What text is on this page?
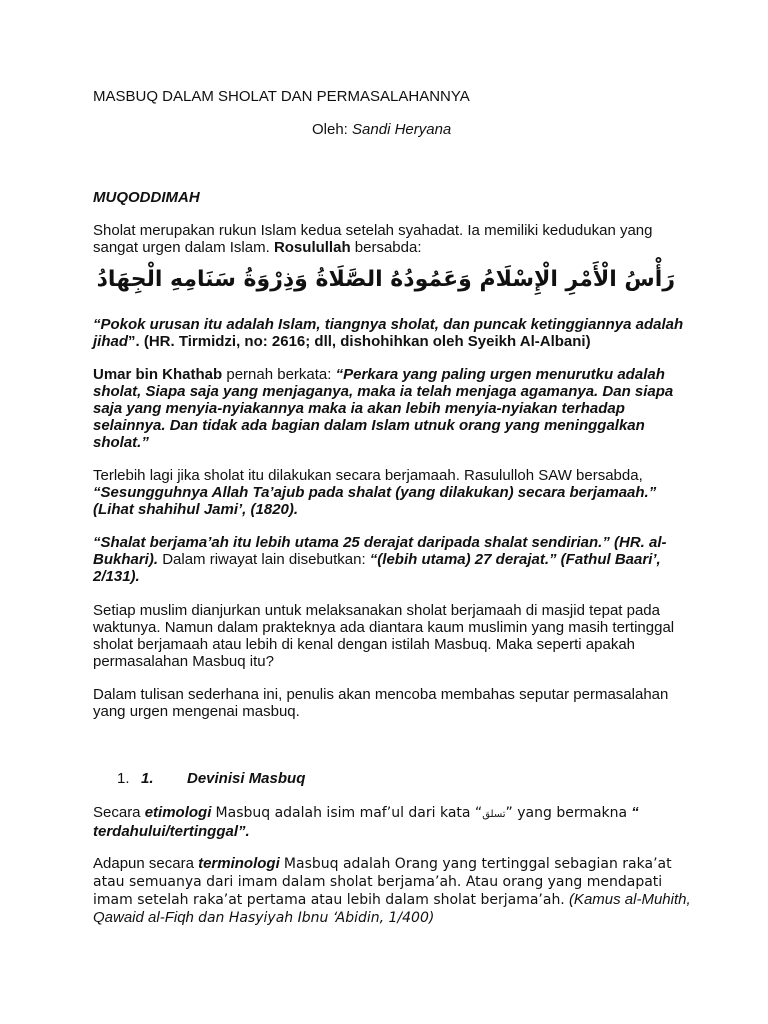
MASBUQ DALAM SHOLAT DAN PERMASALAHANNYA
Oleh: Sandi Heryana
MUQODDIMAH
Sholat merupakan rukun Islam kedua setelah syahadat. Ia memiliki kedudukan yang sangat urgen dalam Islam. Rosulullah bersabda:
رَأْسُ الْأَمْرِ الْإِسْلَامُ وَعَمُودُهُ الصَّلَاةُ وَذِرْوَةُ سَنَامِهِ الْجِهَادُ
“Pokok urusan itu adalah Islam, tiangnya sholat, dan puncak ketinggiannya adalah jihad”. (HR. Tirmidzi, no: 2616; dll, dishohihkan oleh Syeikh Al-Albani)
Umar bin Khathab pernah berkata: “Perkara yang paling urgen menurutku adalah sholat, Siapa saja yang menjaganya, maka ia telah menjaga agamanya. Dan siapa saja yang menyia-nyiakannya maka ia akan lebih menyia-nyiakan terhadap selainnya. Dan tidak ada bagian dalam Islam utnuk orang yang meninggalkan sholat.”
Terlebih lagi jika sholat itu dilakukan secara berjamaah. Rasululloh SAW bersabda, “Sesungguhnya Allah Ta’ajub pada shalat (yang dilakukan) secara berjamaah.” (Lihat shahihul Jami’, (1820).
“Shalat berjama’ah itu lebih utama 25 derajat daripada shalat sendirian.” (HR. al-Bukhari). Dalam riwayat lain disebutkan: “(lebih utama) 27 derajat.” (Fathul Baari’, 2/131).
Setiap muslim dianjurkan untuk melaksanakan sholat berjamaah di masjid tepat pada waktunya. Namun dalam prakteknya ada diantara kaum muslimin yang masih tertinggal sholat berjamaah atau lebih di kenal dengan istilah Masbuq. Maka seperti apakah permasalahan Masbuq itu?
Dalam tulisan sederhana ini, penulis akan mencoba membahas seputar permasalahan yang urgen mengenai masbuq.
1. 1. Devinisi Masbuq
Secara etimologi Masbuq adalah isim maf’ul dari kata “تسلق” yang bermakna “ terdahului/tertinggal”.
Adapun secara terminologi Masbuq adalah Orang yang tertinggal sebagian raka’at atau semuanya dari imam dalam sholat berjama’ah. Atau orang yang mendapati imam setelah raka’at pertama atau lebih dalam sholat berjama’ah. (Kamus al-Muhith, Qawaid al-Fiqh dan Hasyiyah Ibnu ‘Abidin, 1/400)
